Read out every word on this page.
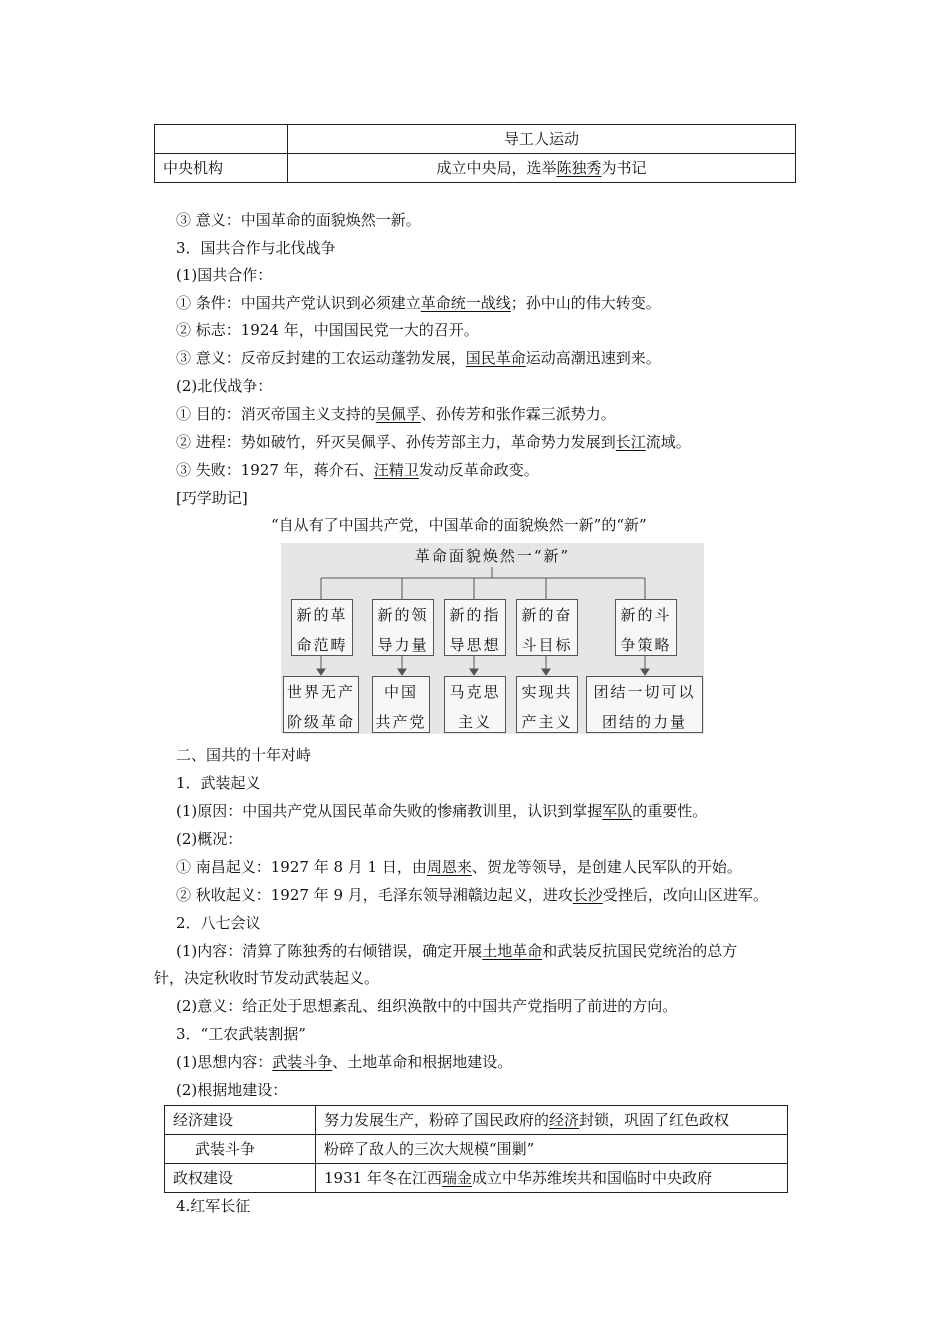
	导工人运动
中央机构	成立中央局，选举陈独秀为书记
③ 意义：中国革命的面貌焕然一新。
3．国共合作与北伐战争
(1)国共合作：
① 条件：中国共产党认识到必须建立革命统一战线；孙中山的伟大转变。
② 标志：1924 年，中国国民党一大的召开。
③ 意义：反帝反封建的工农运动蓬勃发展，国民革命运动高潮迅速到来。
(2)北伐战争：
① 目的：消灭帝国主义支持的吴佩孚、孙传芳和张作霖三派势力。
② 进程：势如破竹，歼灭吴佩孚、孙传芳部主力，革命势力发展到长江流域。
③ 失败：1927 年，蒋介石、汪精卫发动反革命政变。
[巧学助记]
“自从有了中国共产党，中国革命的面貌焕然一新”的“新”
革命面貌焕然一“新”
新的革
命范畴
新的领
导力量
新的指
导思想
新的奋
斗目标
新的斗
争策略
世界无产
阶级革命
中国
共产党
马克思
主义
实现共
产主义
团结一切可以
团结的力量
二、国共的十年对峙
1．武装起义
(1)原因：中国共产党从国民革命失败的惨痛教训里，认识到掌握军队的重要性。
(2)概况：
① 南昌起义：1927 年 8 月 1 日，由周恩来、贺龙等领导，是创建人民军队的开始。
② 秋收起义：1927 年 9 月，毛泽东领导湘赣边起义，进攻长沙受挫后，改向山区进军。
2．八七会议
(1)内容：清算了陈独秀的右倾错误，确定开展土地革命和武装反抗国民党统治的总方
针，决定秋收时节发动武装起义。
(2)意义：给正处于思想紊乱、组织涣散中的中国共产党指明了前进的方向。
3．“工农武装割据”
(1)思想内容：武装斗争、土地革命和根据地建设。
(2)根据地建设：
经济建设	努力发展生产，粉碎了国民政府的经济封锁，巩固了红色政权
武装斗争	粉碎了敌人的三次大规模“围剿”
政权建设	1931 年冬在江西瑞金成立中华苏维埃共和国临时中央政府
4.红军长征
